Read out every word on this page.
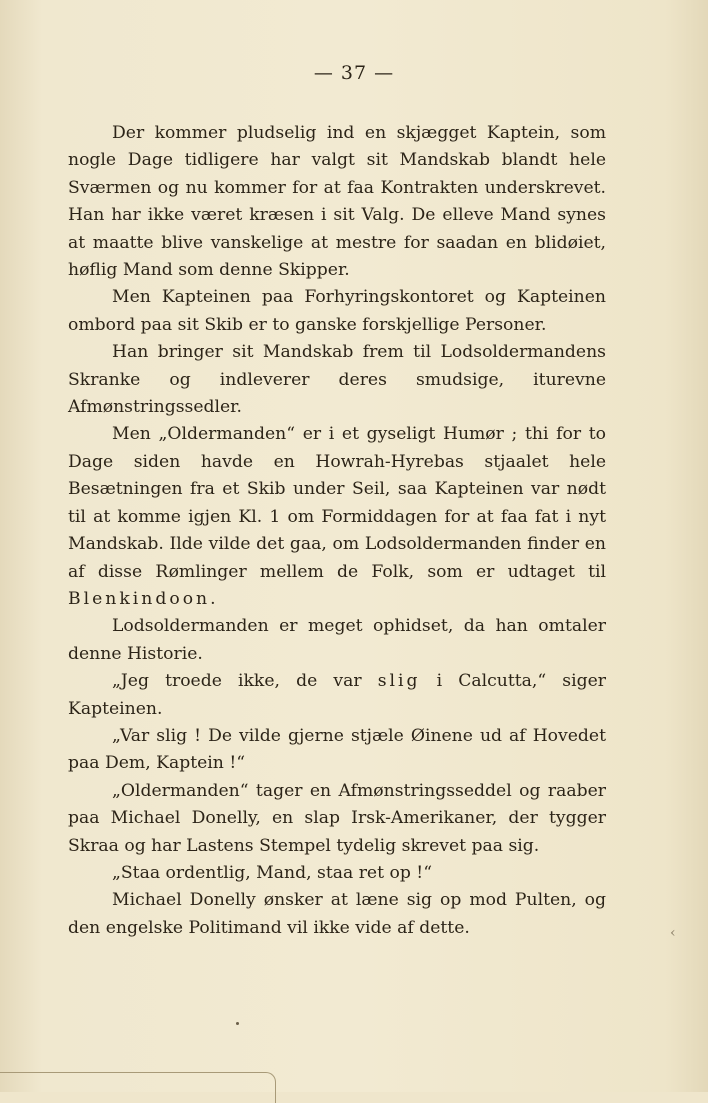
— 37 —

Der kommer pludselig ind en skjægget Kaptein, som nogle Dage tidligere har valgt sit Mandskab blandt hele Sværmen og nu kommer for at faa Kontrakten underskrevet. Han har ikke været kræsen i sit Valg. De elleve Mand synes at maatte blive vanskelige at mestre for saadan en blidøiet, høflig Mand som denne Skipper.

Men Kapteinen paa Forhyringskontoret og Kapteinen ombord paa sit Skib er to ganske forskjellige Personer.

Han bringer sit Mandskab frem til Lodsoldermandens Skranke og indleverer deres smudsige, iturevne Afmønstringssedler.

Men „Oldermanden“ er i et gyseligt Humør ; thi for to Dage siden havde en Howrah-Hyrebas stjaalet hele Besætningen fra et Skib under Seil, saa Kapteinen var nødt til at komme igjen Kl. 1 om Formiddagen for at faa fat i nyt Mandskab. Ilde vilde det gaa, om Lodsoldermanden finder en af disse Rømlinger mellem de Folk, som er udtaget til Blenkindoon.

Lodsoldermanden er meget ophidset, da han omtaler denne Historie.

„Jeg troede ikke, de var slig i Calcutta,“ siger Kapteinen.

„Var slig ! De vilde gjerne stjæle Øinene ud af Hovedet paa Dem, Kaptein !“

„Oldermanden“ tager en Afmønstringsseddel og raaber paa Michael Donelly, en slap Irsk-Amerikaner, der tygger Skraa og har Lastens Stempel tydelig skrevet paa sig.

„Staa ordentlig, Mand, staa ret op !“

Michael Donelly ønsker at læne sig op mod Pulten, og den engelske Politimand vil ikke vide af dette.	‹
